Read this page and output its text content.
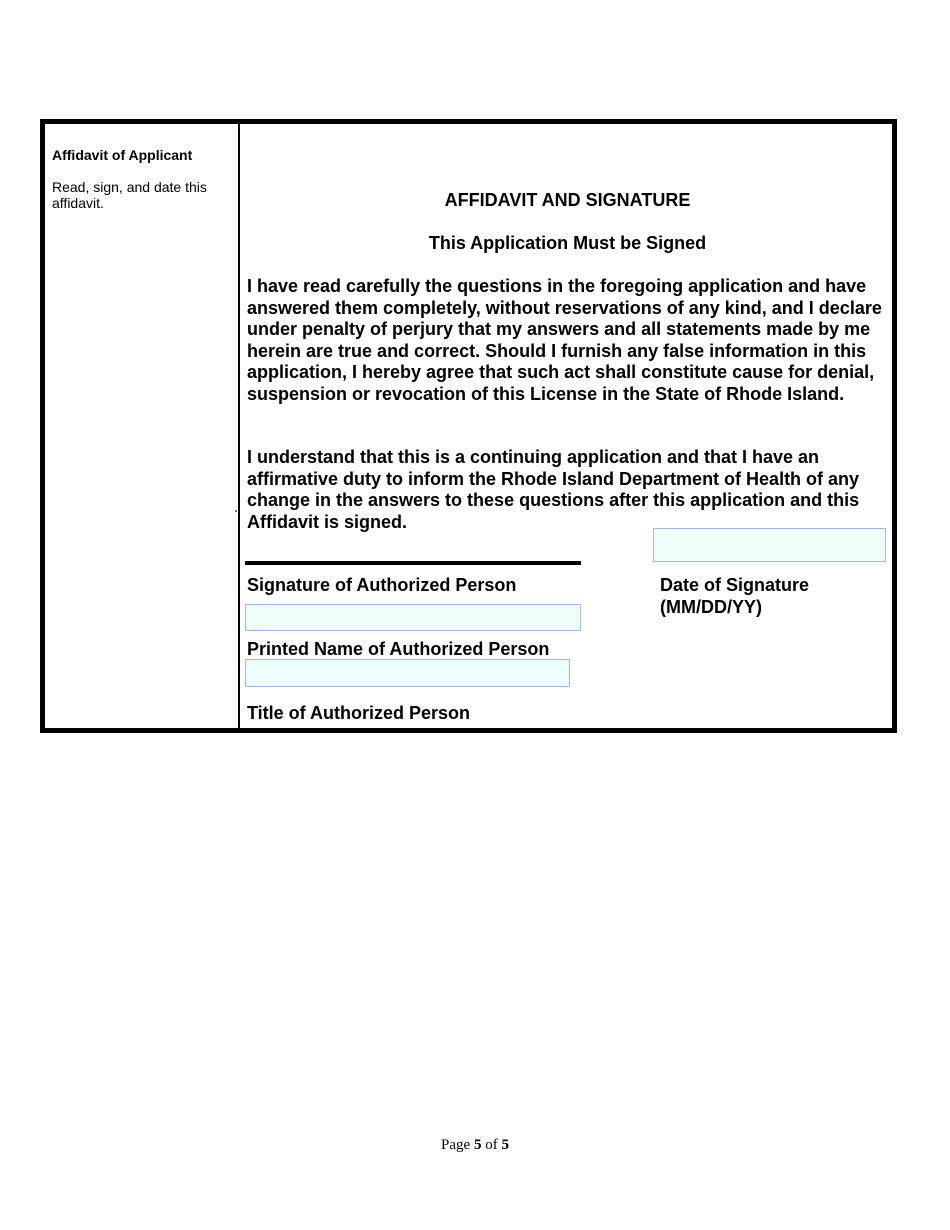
Affidavit of Applicant
Read, sign, and date this affidavit.	AFFIDAVIT AND SIGNATURE
This Application Must be Signed
I have read carefully the questions in the foregoing application and have answered them completely, without reservations of any kind, and I declare under penalty of perjury that my answers and all statements made by me herein are true and correct. Should I furnish any false information in this application, I hereby agree that such act shall constitute cause for denial, suspension or revocation of this License in the State of Rhode Island.
I understand that this is a continuing application and that I have an affirmative duty to inform the Rhode Island Department of Health of any change in the answers to these questions after this application and this Affidavit is signed.
Signature of Authorized Person	Date of Signature
(MM/DD/YY)
Printed Name of Authorized Person
Title of Authorized Person
Page 5 of 5
